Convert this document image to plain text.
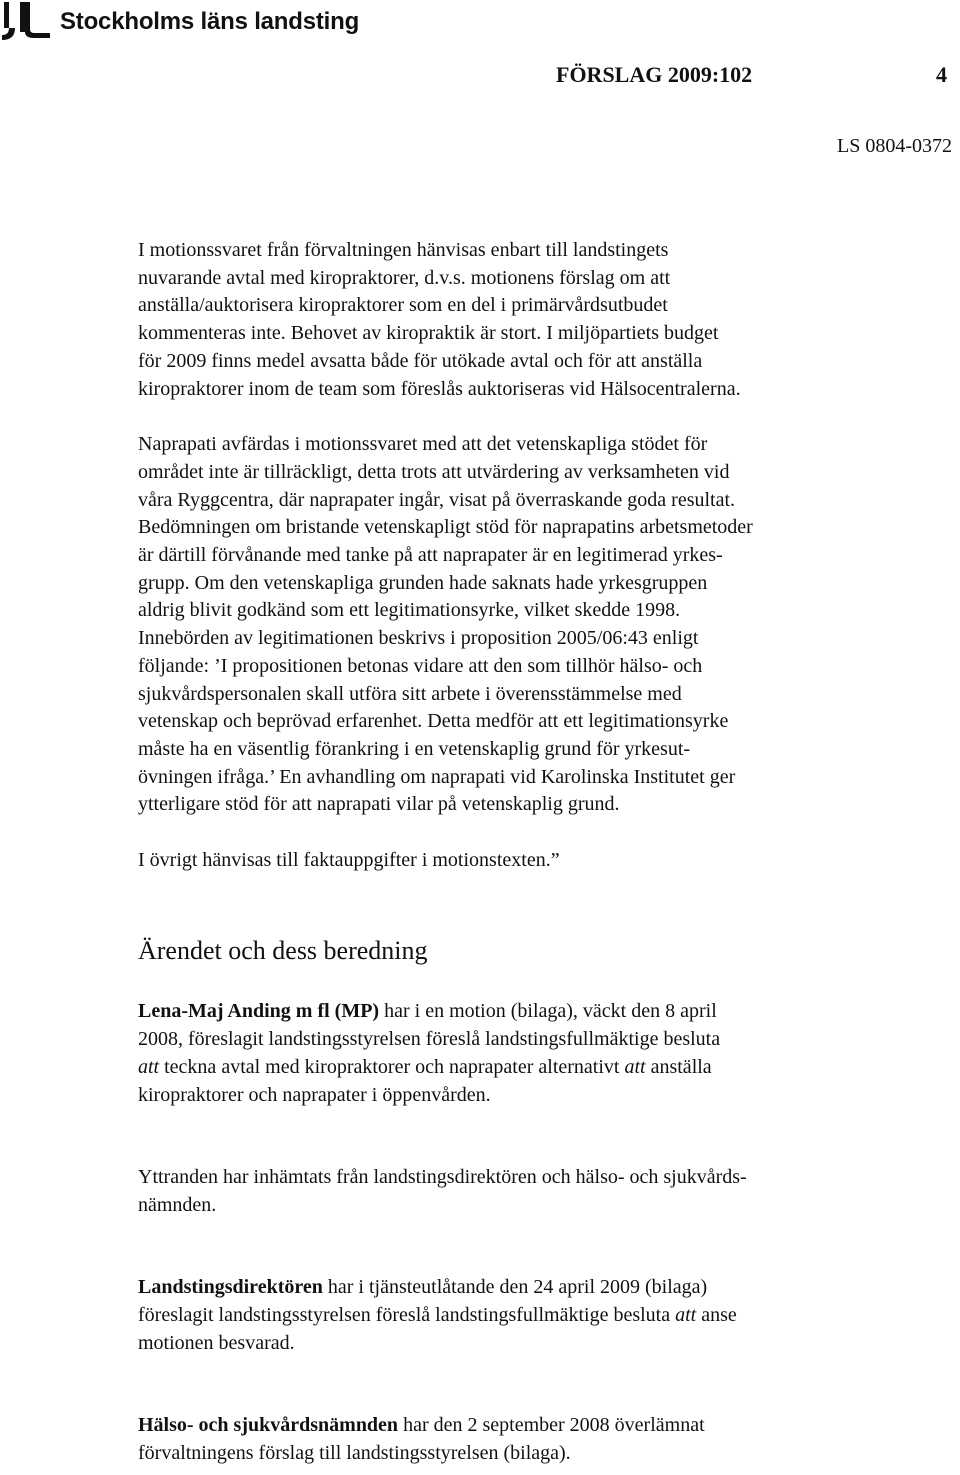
Stockholms läns landsting
FÖRSLAG 2009:102	4
LS 0804-0372

I motionssvaret från förvaltningen hänvisas enbart till landstingets
nuvarande avtal med kiropraktorer, d.v.s. motionens förslag om att
anställa/auktorisera kiropraktorer som en del i primärvårdsutbudet
kommenteras inte. Behovet av kiropraktik är stort. I miljöpartiets budget
för 2009 finns medel avsatta både för utökade avtal och för att anställa
kiropraktorer inom de team som föreslås auktoriseras vid Hälsocentralerna.

Naprapati avfärdas i motionssvaret med att det vetenskapliga stödet för
området inte är tillräckligt, detta trots att utvärdering av verksamheten vid
våra Ryggcentra, där naprapater ingår, visat på överraskande goda resultat.
Bedömningen om bristande vetenskapligt stöd för naprapatins arbetsmetoder
är därtill förvånande med tanke på att naprapater är en legitimerad yrkes-
grupp. Om den vetenskapliga grunden hade saknats hade yrkesgruppen
aldrig blivit godkänd som ett legitimationsyrke, vilket skedde 1998.
Innebörden av legitimationen beskrivs i proposition 2005/06:43 enligt
följande: ’I propositionen betonas vidare att den som tillhör hälso- och
sjukvårdspersonalen skall utföra sitt arbete i överensstämmelse med
vetenskap och beprövad erfarenhet. Detta medför att ett legitimationsyrke
måste ha en väsentlig förankring i en vetenskaplig grund för yrkesut-
övningen ifråga.’ En avhandling om naprapati vid Karolinska Institutet ger
ytterligare stöd för att naprapati vilar på vetenskaplig grund.

I övrigt hänvisas till faktauppgifter i motionstexten.”

Ärendet och dess beredning

Lena-Maj Anding m fl (MP) har i en motion (bilaga), väckt den 8 april
2008, föreslagit landstingsstyrelsen föreslå landstingsfullmäktige besluta
att teckna avtal med kiropraktorer och naprapater alternativt att anställa
kiropraktorer och naprapater i öppenvården.

Yttranden har inhämtats från landstingsdirektören och hälso- och sjukvårds-
nämnden.

Landstingsdirektören har i tjänsteutlåtande den 24 april 2009 (bilaga)
föreslagit landstingsstyrelsen föreslå landstingsfullmäktige besluta att anse
motionen besvarad.

Hälso- och sjukvårdsnämnden har den 2 september 2008 överlämnat
förvaltningens förslag till landstingsstyrelsen (bilaga).
